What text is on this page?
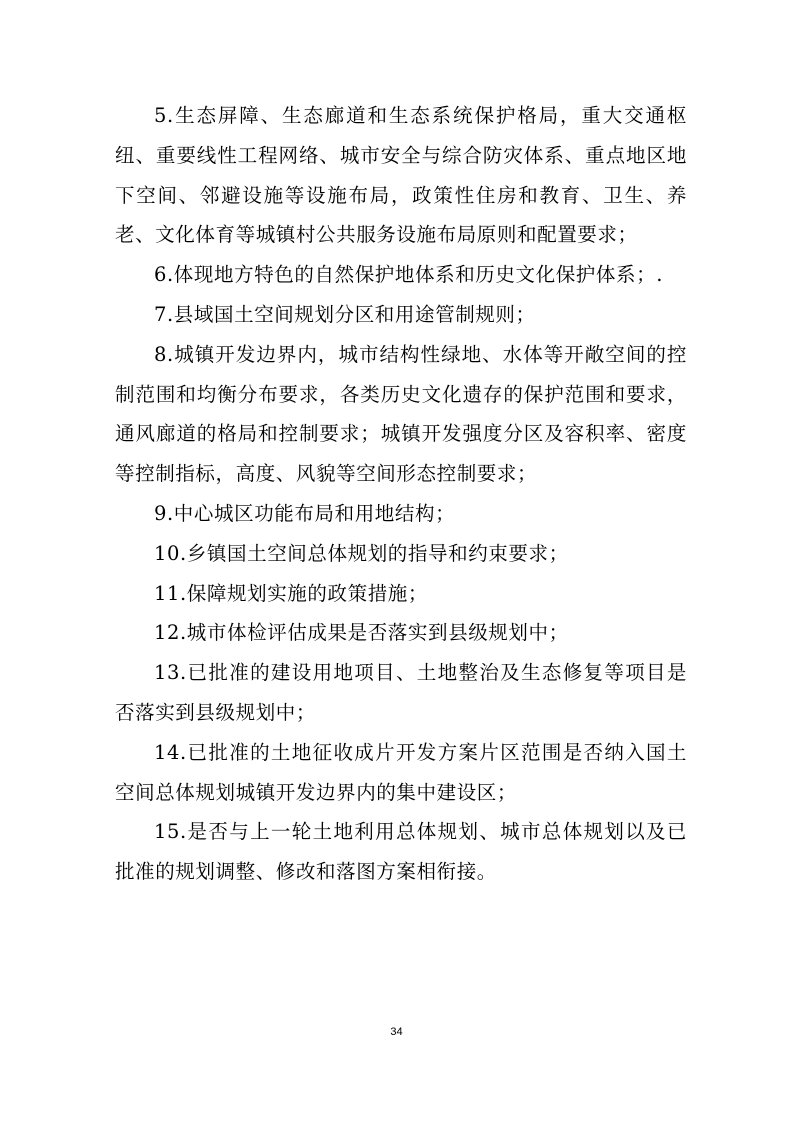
5.生态屏障、生态廊道和生态系统保护格局，重大交通枢纽、重要线性工程网络、城市安全与综合防灾体系、重点地区地下空间、邻避设施等设施布局，政策性住房和教育、卫生、养老、文化体育等城镇村公共服务设施布局原则和配置要求；

6.体现地方特色的自然保护地体系和历史文化保护体系；.

7.县域国土空间规划分区和用途管制规则；

8.城镇开发边界内，城市结构性绿地、水体等开敞空间的控制范围和均衡分布要求，各类历史文化遗存的保护范围和要求，通风廊道的格局和控制要求；城镇开发强度分区及容积率、密度等控制指标，高度、风貌等空间形态控制要求；

9.中心城区功能布局和用地结构；

10.乡镇国土空间总体规划的指导和约束要求；

11.保障规划实施的政策措施；

12.城市体检评估成果是否落实到县级规划中；

13.已批准的建设用地项目、土地整治及生态修复等项目是否落实到县级规划中；

14.已批准的土地征收成片开发方案片区范围是否纳入国土空间总体规划城镇开发边界内的集中建设区；

15.是否与上一轮土地利用总体规划、城市总体规划以及已批准的规划调整、修改和落图方案相衔接。

34
